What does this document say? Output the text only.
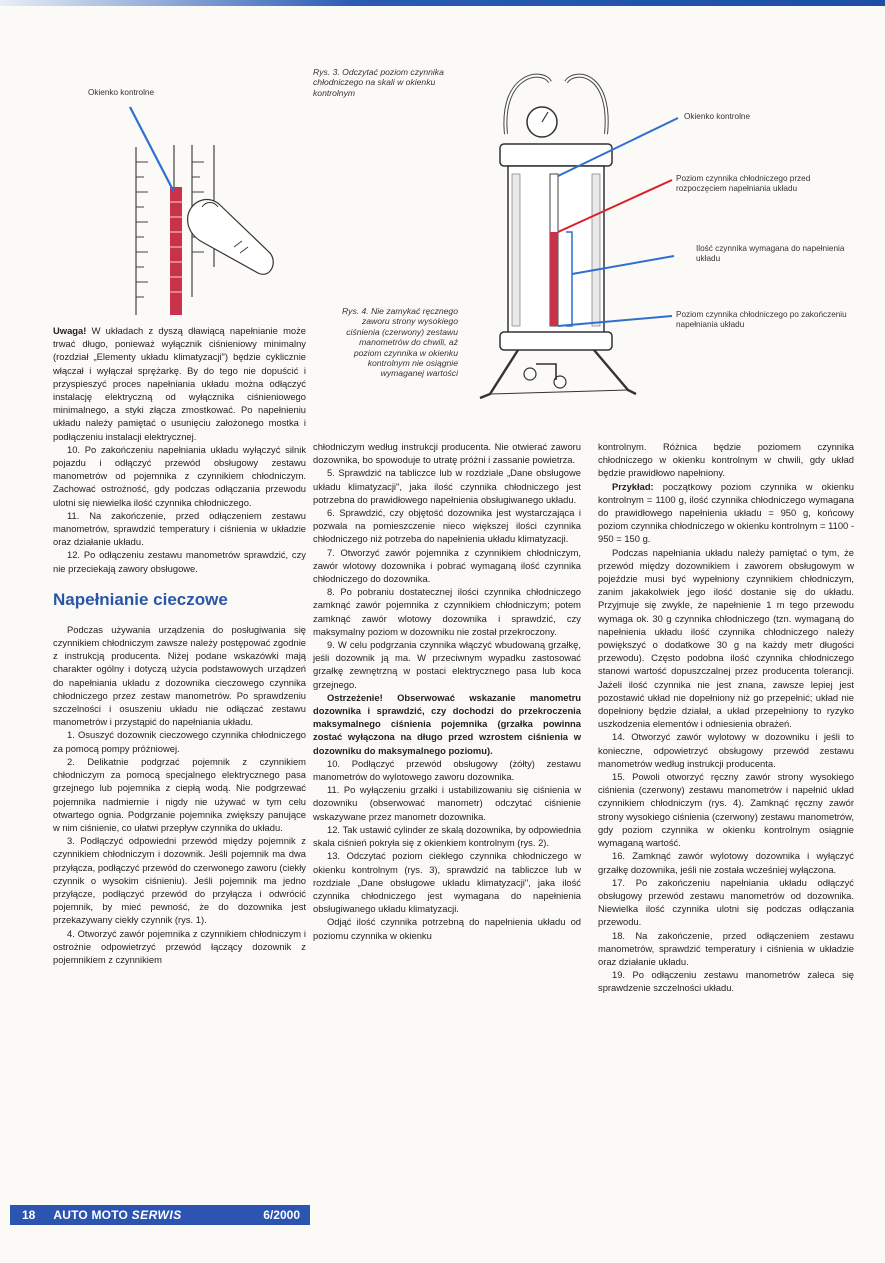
Okienko kontrolne
Rys. 3. Odczytać poziom czynnika chłodniczego na skali w okienku kontrolnym
Okienko kontrolne
Poziom czynnika chłodniczego przed rozpoczęciem napełniania układu
Ilość czynnika wymagana do napełnienia układu
Poziom czynnika chłodniczego po zakończeniu napełniania układu
Rys. 4. Nie zamykać ręcznego zaworu strony wysokiego ciśnienia (czerwony) zestawu manometrów do chwili, aż poziom czynnika w okienku kontrolnym nie osiągnie wymaganej wartości

Uwaga! W układach z dyszą dławiącą napełnianie może trwać długo, ponieważ wyłącznik ciśnieniowy minimalny (rozdział „Elementy układu klimatyzacji") będzie cyklicznie włączał i wyłączał sprężarkę. By do tego nie dopuścić i przyspieszyć proces napełniania układu można odłączyć instalację elektryczną od wyłącznika ciśnieniowego minimalnego, a styki złącza zmostkować. Po napełnieniu układu należy pamiętać o usunięciu założonego mostka i podłączeniu instalacji elektrycznej.

10. Po zakończeniu napełniania układu wyłączyć silnik pojazdu i odłączyć przewód obsługowy zestawu manometrów od pojemnika z czynnikiem chłodniczym. Zachować ostrożność, gdy podczas odłączania przewodu ulotni się niewielka ilość czynnika chłodniczego.

11. Na zakończenie, przed odłączeniem zestawu manometrów, sprawdzić temperatury i ciśnienia w układzie oraz działanie układu.

12. Po odłączeniu zestawu manometrów sprawdzić, czy nie przeciekają zawory obsługowe.

Napełnianie cieczowe

Podczas używania urządzenia do posługiwania się czynnikiem chłodniczym zawsze należy postępować zgodnie z instrukcją producenta. Niżej podane wskazówki mają charakter ogólny i dotyczą użycia podstawowych urządzeń do napełniania układu z dozownika cieczowego czynnika chłodniczego przez zestaw manometrów. Po sprawdzeniu szczelności i osuszeniu układu nie odłączać zestawu manometrów i przystąpić do napełniania układu.

1. Osuszyć dozownik cieczowego czynnika chłodniczego za pomocą pompy próżniowej.

2. Delikatnie podgrzać pojemnik z czynnikiem chłodniczym za pomocą specjalnego elektrycznego pasa grzejnego lub pojemnika z ciepłą wodą. Nie podgrzewać pojemnika nadmiernie i nigdy nie używać w tym celu otwartego ognia. Podgrzanie pojemnika zwiększy panujące w nim ciśnienie, co ułatwi przepływ czynnika do układu.

3. Podłączyć odpowiedni przewód między pojemnik z czynnikiem chłodniczym i dozownik. Jeśli pojemnik ma dwa przyłącza, podłączyć przewód do czerwonego zaworu (ciekły czynnik o wysokim ciśnieniu). Jeśli pojemnik ma jedno przyłącze, podłączyć przewód do przyłącza i odwrócić pojemnik, by mieć pewność, że do dozownika jest przekazywany ciekły czynnik (rys. 1).

4. Otworzyć zawór pojemnika z czynnikiem chłodniczym i ostrożnie odpowietrzyć przewód łączący dozownik z pojemnikiem z czynnikiem

chłodniczym według instrukcji producenta. Nie otwierać zaworu dozownika, bo spowoduje to utratę próżni i zassanie powietrza.

5. Sprawdzić na tabliczce lub w rozdziale „Dane obsługowe układu klimatyzacji", jaka ilość czynnika chłodniczego jest potrzebna do prawidłowego napełnienia obsługiwanego układu.

6. Sprawdzić, czy objętość dozownika jest wystarczająca i pozwala na pomieszczenie nieco większej ilości czynnika chłodniczego niż potrzeba do napełnienia układu klimatyzacji.

7. Otworzyć zawór pojemnika z czynnikiem chłodniczym, zawór wlotowy dozownika i pobrać wymaganą ilość czynnika chłodniczego do dozownika.

8. Po pobraniu dostatecznej ilości czynnika chłodniczego zamknąć zawór pojemnika z czynnikiem chłodniczym; potem zamknąć zawór wlotowy dozownika i sprawdzić, czy maksymalny poziom w dozowniku nie został przekroczony.

9. W celu podgrzania czynnika włączyć wbudowaną grzałkę, jeśli dozownik ją ma. W przeciwnym wypadku zastosować grzałkę zewnętrzną w postaci elektrycznego pasa lub koca grzejnego.

Ostrzeżenie! Obserwować wskazanie manometru dozownika i sprawdzić, czy dochodzi do przekroczenia maksymalnego ciśnienia pojemnika (grzałka powinna zostać wyłączona na długo przed wzrostem ciśnienia w dozowniku do maksymalnego poziomu).

10. Podłączyć przewód obsługowy (żółty) zestawu manometrów do wylotowego zaworu dozownika.

11. Po wyłączeniu grzałki i ustabilizowaniu się ciśnienia w dozowniku (obserwować manometr) odczytać ciśnienie wskazywane przez manometr dozownika.

12. Tak ustawić cylinder ze skalą dozownika, by odpowiednia skala ciśnień pokryła się z okienkiem kontrolnym (rys. 2).

13. Odczytać poziom ciekłego czynnika chłodniczego w okienku kontrolnym (rys. 3), sprawdzić na tabliczce lub w rozdziale „Dane obsługowe układu klimatyzacji", jaka ilość czynnika chłodniczego jest wymagana do napełnienia obsługiwanego układu klimatyzacji.

Odjąć ilość czynnika potrzebną do napełnienia układu od poziomu czynnika w okienku

kontrolnym. Różnica będzie poziomem czynnika chłodniczego w okienku kontrolnym w chwili, gdy układ będzie prawidłowo napełniony.

Przykład: początkowy poziom czynnika w okienku kontrolnym = 1100 g, ilość czynnika chłodniczego wymagana do prawidłowego napełnienia układu = 950 g, końcowy poziom czynnika chłodniczego w okienku kontrolnym = 1100 - 950 = 150 g.

Podczas napełniania układu należy pamiętać o tym, że przewód między dozownikiem i zaworem obsługowym w pojeździe musi być wypełniony czynnikiem chłodniczym, zanim jakakolwiek jego ilość dostanie się do układu. Przyjmuje się zwykle, że napełnienie 1 m tego przewodu wymaga ok. 30 g czynnika chłodniczego (tzn. wymaganą do napełnienia układu ilość czynnika chłodniczego należy powiększyć o dodatkowe 30 g na każdy metr długości przewodu). Często podobna ilość czynnika chłodniczego stanowi wartość dopuszczalnej przez producenta tolerancji. Jażeli ilość czynnika nie jest znana, zawsze lepiej jest pozostawić układ nie dopełniony niż go przepełnić; układ nie dopełniony będzie działał, a układ przepełniony to ryzyko uszkodzenia elementów i odniesienia obrażeń.

14. Otworzyć zawór wylotowy w dozowniku i jeśli to konieczne, odpowietrzyć obsługowy przewód zestawu manometrów według instrukcji producenta.

15. Powoli otworzyć ręczny zawór strony wysokiego ciśnienia (czerwony) zestawu manometrów i napełnić układ czynnikiem chłodniczym (rys. 4). Zamknąć ręczny zawór strony wysokiego ciśnienia (czerwony) zestawu manometrów, gdy poziom czynnika w okienku kontrolnym osiągnie wymaganą wartość.

16. Zamknąć zawór wylotowy dozownika i wyłączyć grzałkę dozownika, jeśli nie została wcześniej wyłączona.

17. Po zakończeniu napełniania układu odłączyć obsługowy przewód zestawu manometrów od dozownika. Niewielka ilość czynnika ulotni się podczas odłączania przewodu.

18. Na zakończenie, przed odłączeniem zestawu manometrów, sprawdzić temperatury i ciśnienia w układzie oraz działanie układu.

19. Po odłączeniu zestawu manometrów zaleca się sprawdzenie szczelności układu.

18 AUTO MOTO SERWIS	6/2000
